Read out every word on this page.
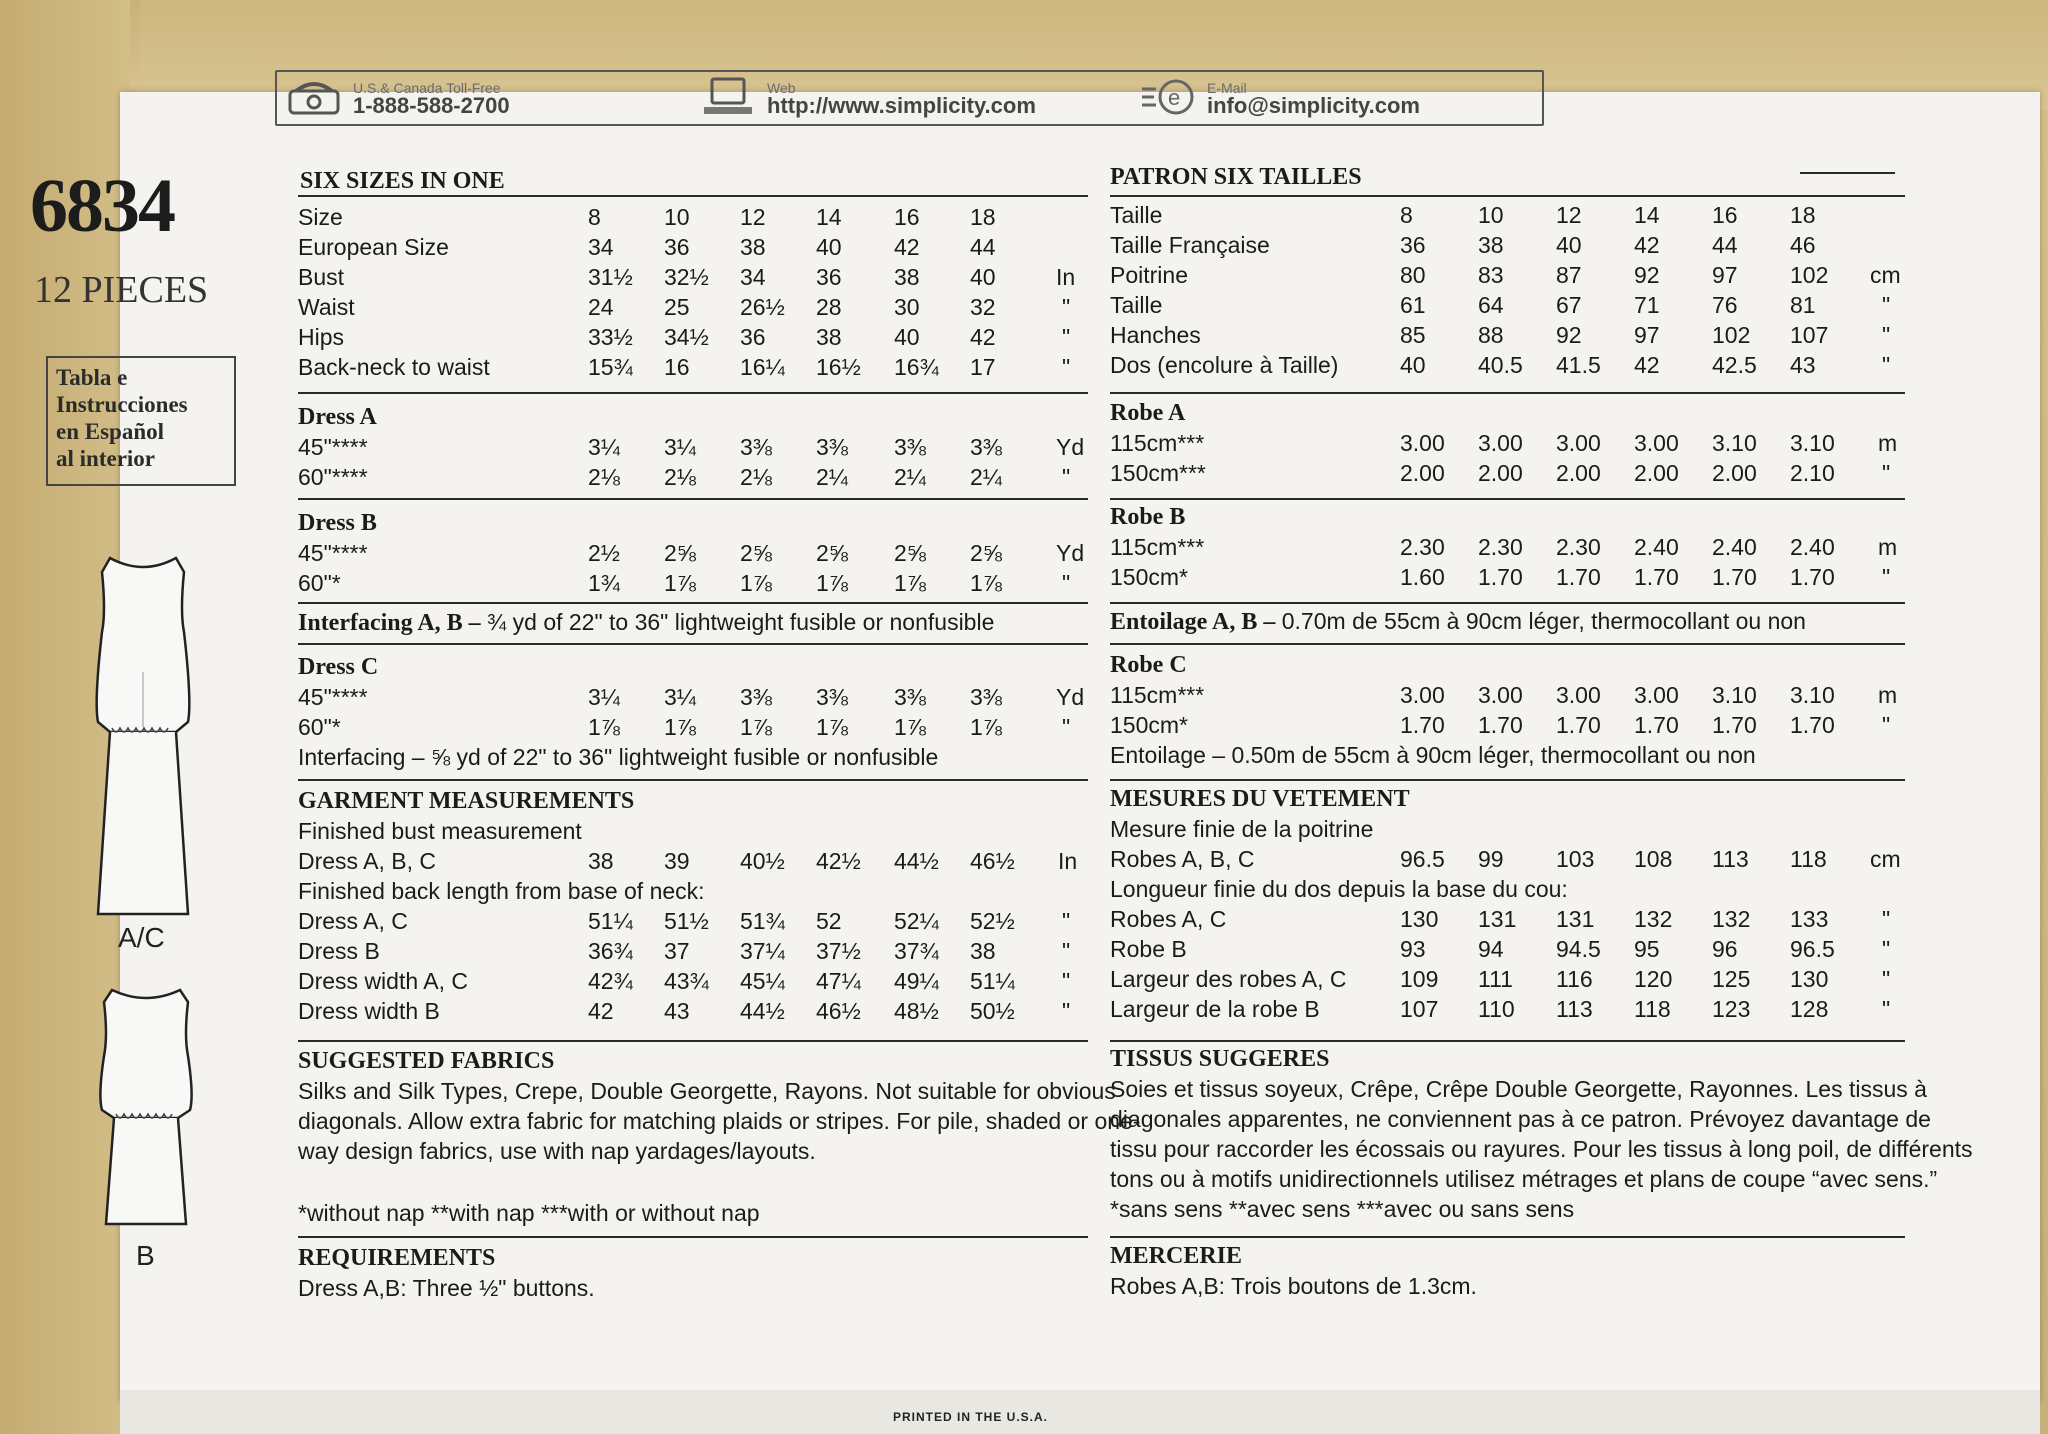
U.S.& Canada Toll-Free
1-888-588-2700
Web
http://www.simplicity.com	e E-Mail
info@simplicity.com
6834
12 PIECES
Tabla e
Instrucciones
en Español
al interior
A/C
B
SIX SIZES IN ONE
Size	8	10	12	14	16	18
European Size	34	36	38	40	42	44
Bust	31½	32½	34	36	38	40	In
Waist	24	25	26½	28	30	32	"
Hips	33½	34½	36	38	40	42	"
Back-neck to waist	15¾	16	16¼	16½	16¾	17	"
Dress A
45"****	3¼	3¼	3⅜	3⅜	3⅜	3⅜	Yd
60"****	2⅛	2⅛	2⅛	2¼	2¼	2¼	"
Dress B
45"****	2½	2⅝	2⅝	2⅝	2⅝	2⅝	Yd
60"*	1¾	1⅞	1⅞	1⅞	1⅞	1⅞	"
Interfacing A, B – ¾ yd of 22" to 36" lightweight fusible or nonfusible
Dress C
45"****	3¼	3¼	3⅜	3⅜	3⅜	3⅜	Yd
60"*	1⅞	1⅞	1⅞	1⅞	1⅞	1⅞	"
Interfacing – ⅝ yd of 22" to 36" lightweight fusible or nonfusible
GARMENT MEASUREMENTS
Finished bust measurement
Dress A, B, C	38	39	40½	42½	44½	46½	In
Finished back length from base of neck:
Dress A, C	51¼	51½	51¾	52	52¼	52½	"
Dress B	36¾	37	37¼	37½	37¾	38	"
Dress width A, C	42¾	43¾	45¼	47¼	49¼	51¼	"
Dress width B	42	43	44½	46½	48½	50½	"
SUGGESTED FABRICS
Silks and Silk Types, Crepe, Double Georgette, Rayons. Not suitable for obvious
diagonals. Allow extra fabric for matching plaids or stripes. For pile, shaded or one-
way design fabrics, use with nap yardages/layouts.
*without nap **with nap ***with or without nap
REQUIREMENTS
Dress A,B: Three ½" buttons.
PATRON SIX TAILLES
Taille	8	10	12	14	16	18
Taille Française	36	38	40	42	44	46
Poitrine	80	83	87	92	97	102	cm
Taille	61	64	67	71	76	81	"
Hanches	85	88	92	97	102	107	"
Dos (encolure à Taille)	40	40.5	41.5	42	42.5	43	"
Robe A
115cm***	3.00	3.00	3.00	3.00	3.10	3.10	m
150cm***	2.00	2.00	2.00	2.00	2.00	2.10	"
Robe B
115cm***	2.30	2.30	2.30	2.40	2.40	2.40	m
150cm*	1.60	1.70	1.70	1.70	1.70	1.70	"
Entoilage A, B – 0.70m de 55cm à 90cm léger, thermocollant ou non
Robe C
115cm***	3.00	3.00	3.00	3.00	3.10	3.10	m
150cm*	1.70	1.70	1.70	1.70	1.70	1.70	"
Entoilage – 0.50m de 55cm à 90cm léger, thermocollant ou non
MESURES DU VETEMENT
Mesure finie de la poitrine
Robes A, B, C	96.5	99	103	108	113	118	cm
Longueur finie du dos depuis la base du cou:
Robes A, C	130	131	131	132	132	133	"
Robe B	93	94	94.5	95	96	96.5	"
Largeur des robes A, C 109	111	116	120	125	130	"
Largeur de la robe B	107	110	113	118	123	128	"
TISSUS SUGGERES
Soies et tissus soyeux, Crêpe, Crêpe Double Georgette, Rayonnes. Les tissus à
diagonales apparentes, ne conviennent pas à ce patron. Prévoyez davantage de
tissu pour raccorder les écossais ou rayures. Pour les tissus à long poil, de différents
tons ou à motifs unidirectionnels utilisez métrages et plans de coupe “avec sens.”
*sans sens **avec sens ***avec ou sans sens
MERCERIE
Robes A,B: Trois boutons de 1.3cm.
PRINTED IN THE U.S.A.
